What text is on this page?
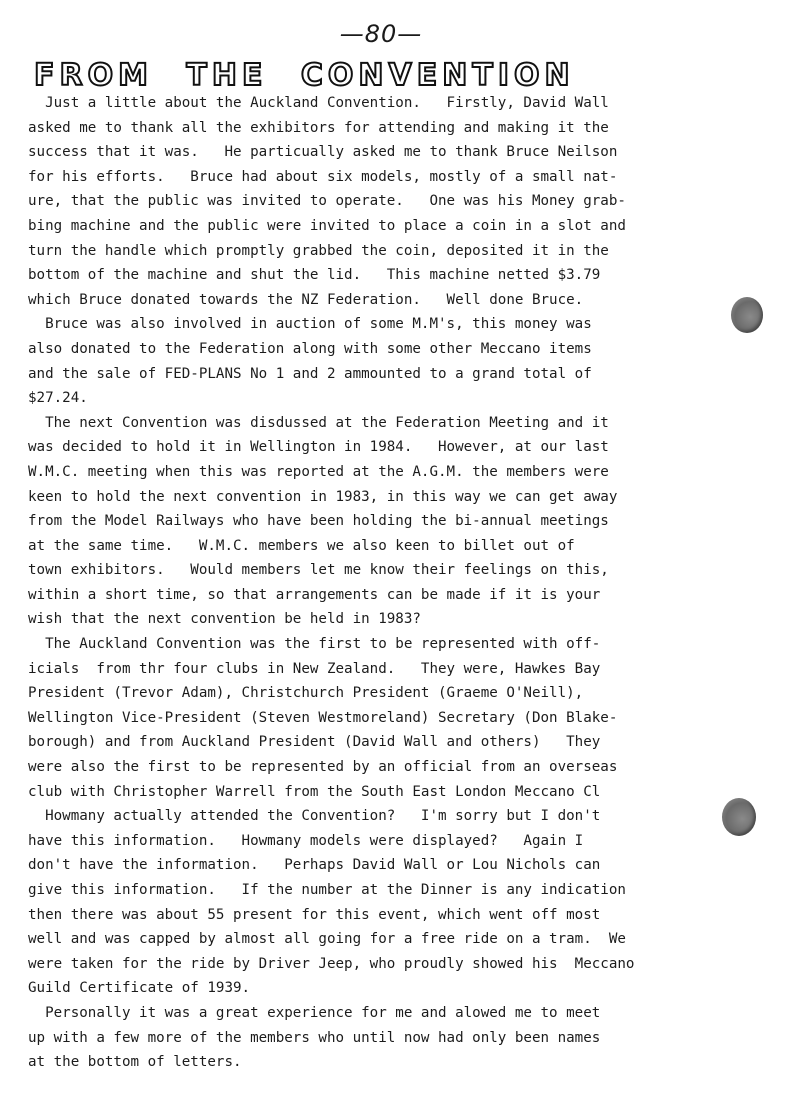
—80—
FROM THE CONVENTION
Just a little about the Auckland Convention.   Firstly, David Wall
asked me to thank all the exhibitors for attending and making it the
success that it was.   He particually asked me to thank Bruce Neilson
for his efforts.   Bruce had about six models, mostly of a small nat-
ure, that the public was invited to operate.   One was his Money grab-
bing machine and the public were invited to place a coin in a slot and
turn the handle which promptly grabbed the coin, deposited it in the
bottom of the machine and shut the lid.   This machine netted $3.79
which Bruce donated towards the NZ Federation.   Well done Bruce.
Bruce was also involved in auction of some M.M's, this money was
also donated to the Federation along with some other Meccano items
and the sale of FED-PLANS No 1 and 2 ammounted to a grand total of
$27.24.
The next Convention was disdussed at the Federation Meeting and it
was decided to hold it in Wellington in 1984.   However, at our last
W.M.C. meeting when this was reported at the A.G.M. the members were
keen to hold the next convention in 1983, in this way we can get away
from the Model Railways who have been holding the bi-annual meetings
at the same time.   W.M.C. members we also keen to billet out of
town exhibitors.   Would members let me know their feelings on this,
within a short time, so that arrangements can be made if it is your
wish that the next convention be held in 1983?
The Auckland Convention was the first to be represented with off-
icials  from thr four clubs in New Zealand.   They were, Hawkes Bay
President (Trevor Adam), Christchurch President (Graeme O'Neill),
Wellington Vice-President (Steven Westmoreland) Secretary (Don Blake-
borough) and from Auckland President (David Wall and others)   They
were also the first to be represented by an official from an overseas
club with Christopher Warrell from the South East London Meccano Cl
Howmany actually attended the Convention?   I'm sorry but I don't
have this information.   Howmany models were displayed?   Again I
don't have the information.   Perhaps David Wall or Lou Nichols can
give this information.   If the number at the Dinner is any indication
then there was about 55 present for this event, which went off most
well and was capped by almost all going for a free ride on a tram.  We
were taken for the ride by Driver Jeep, who proudly showed his  Meccano
Guild Certificate of 1939.
Personally it was a great experience for me and alowed me to meet
up with a few more of the members who until now had only been names
at the bottom of letters.
